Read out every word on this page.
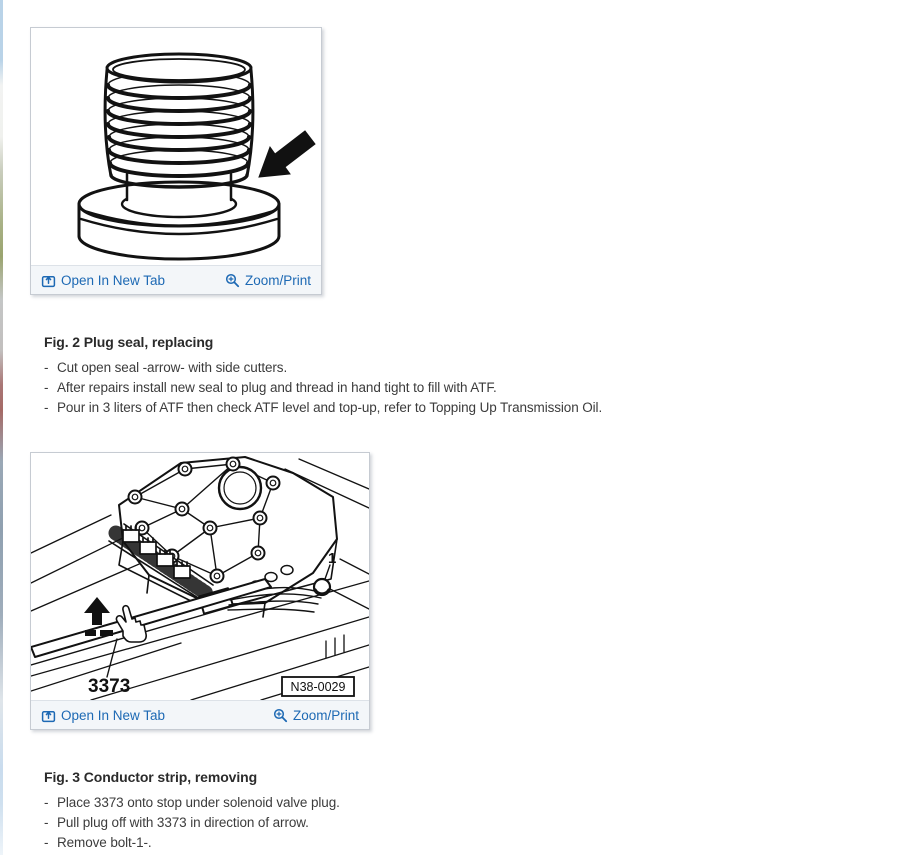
Open In New Tab	Zoom/Print
Fig. 2 Plug seal, replacing
- Cut open seal -arrow- with side cutters.
- After repairs install new seal to plug and thread in hand tight to fill with ATF.
- Pour in 3 liters of ATF then check ATF level and top-up, refer to Topping Up Transmission Oil.
3373
1
N38-0029
Open In New Tab	Zoom/Print
Fig. 3 Conductor strip, removing
- Place 3373 onto stop under solenoid valve plug.
- Pull plug off with 3373 in direction of arrow.
- Remove bolt-1-.
